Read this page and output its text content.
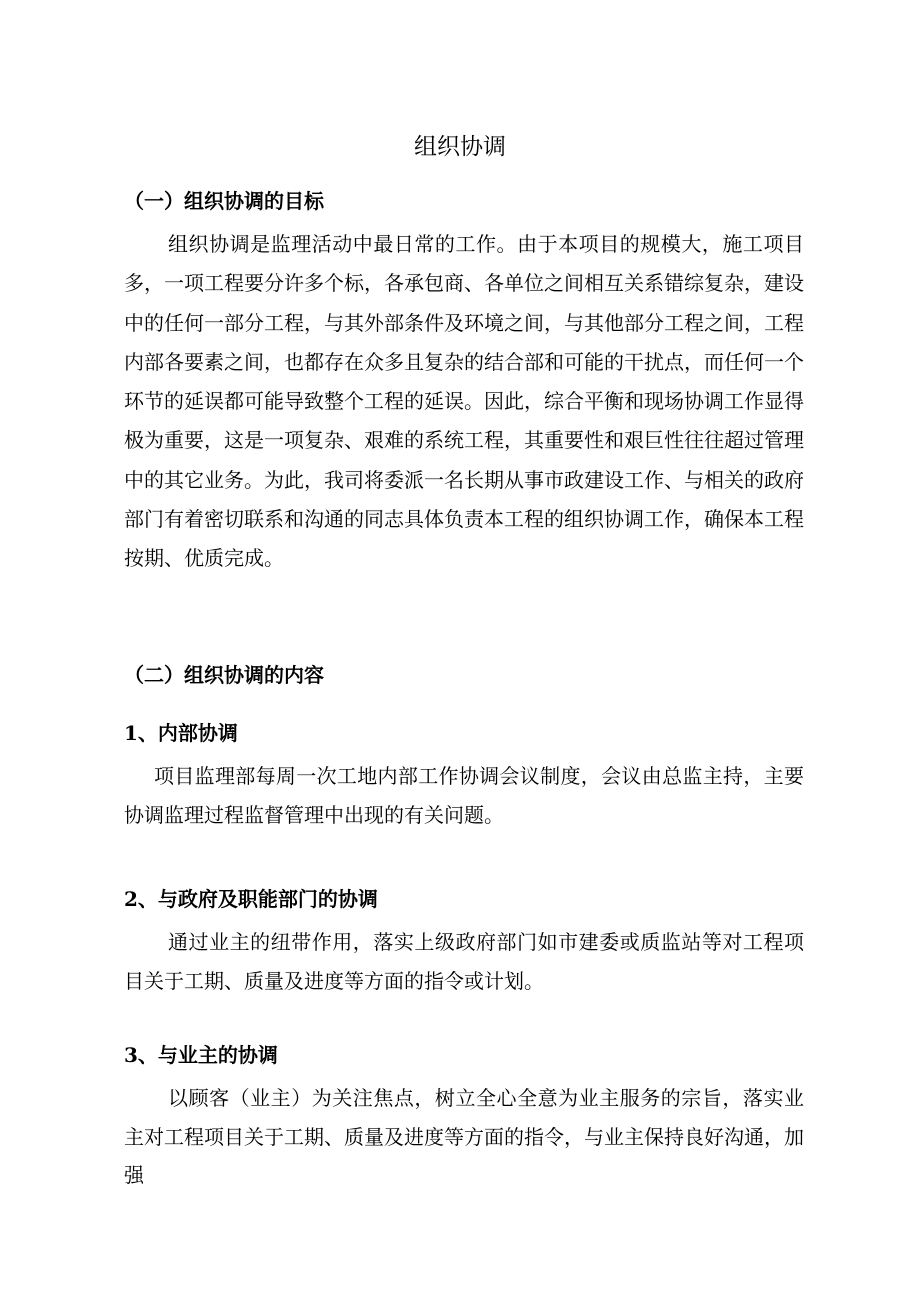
组织协调
（一）组织协调的目标

组织协调是监理活动中最日常的工作。由于本项目的规模大，施工项目多，一项工程要分许多个标，各承包商、各单位之间相互关系错综复杂，建设中的任何一部分工程，与其外部条件及环境之间，与其他部分工程之间，工程内部各要素之间，也都存在众多且复杂的结合部和可能的干扰点，而任何一个环节的延误都可能导致整个工程的延误。因此，综合平衡和现场协调工作显得极为重要，这是一项复杂、艰难的系统工程，其重要性和艰巨性往往超过管理中的其它业务。为此，我司将委派一名长期从事市政建设工作、与相关的政府部门有着密切联系和沟通的同志具体负责本工程的组织协调工作，确保本工程按期、优质完成。

（二）组织协调的内容
1、内部协调

项目监理部每周一次工地内部工作协调会议制度，会议由总监主持，主要协调监理过程监督管理中出现的有关问题。

2、与政府及职能部门的协调

通过业主的纽带作用，落实上级政府部门如市建委或质监站等对工程项目关于工期、质量及进度等方面的指令或计划。

3、与业主的协调

以顾客（业主）为关注焦点，树立全心全意为业主服务的宗旨，落实业主对工程项目关于工期、质量及进度等方面的指令，与业主保持良好沟通，加强
